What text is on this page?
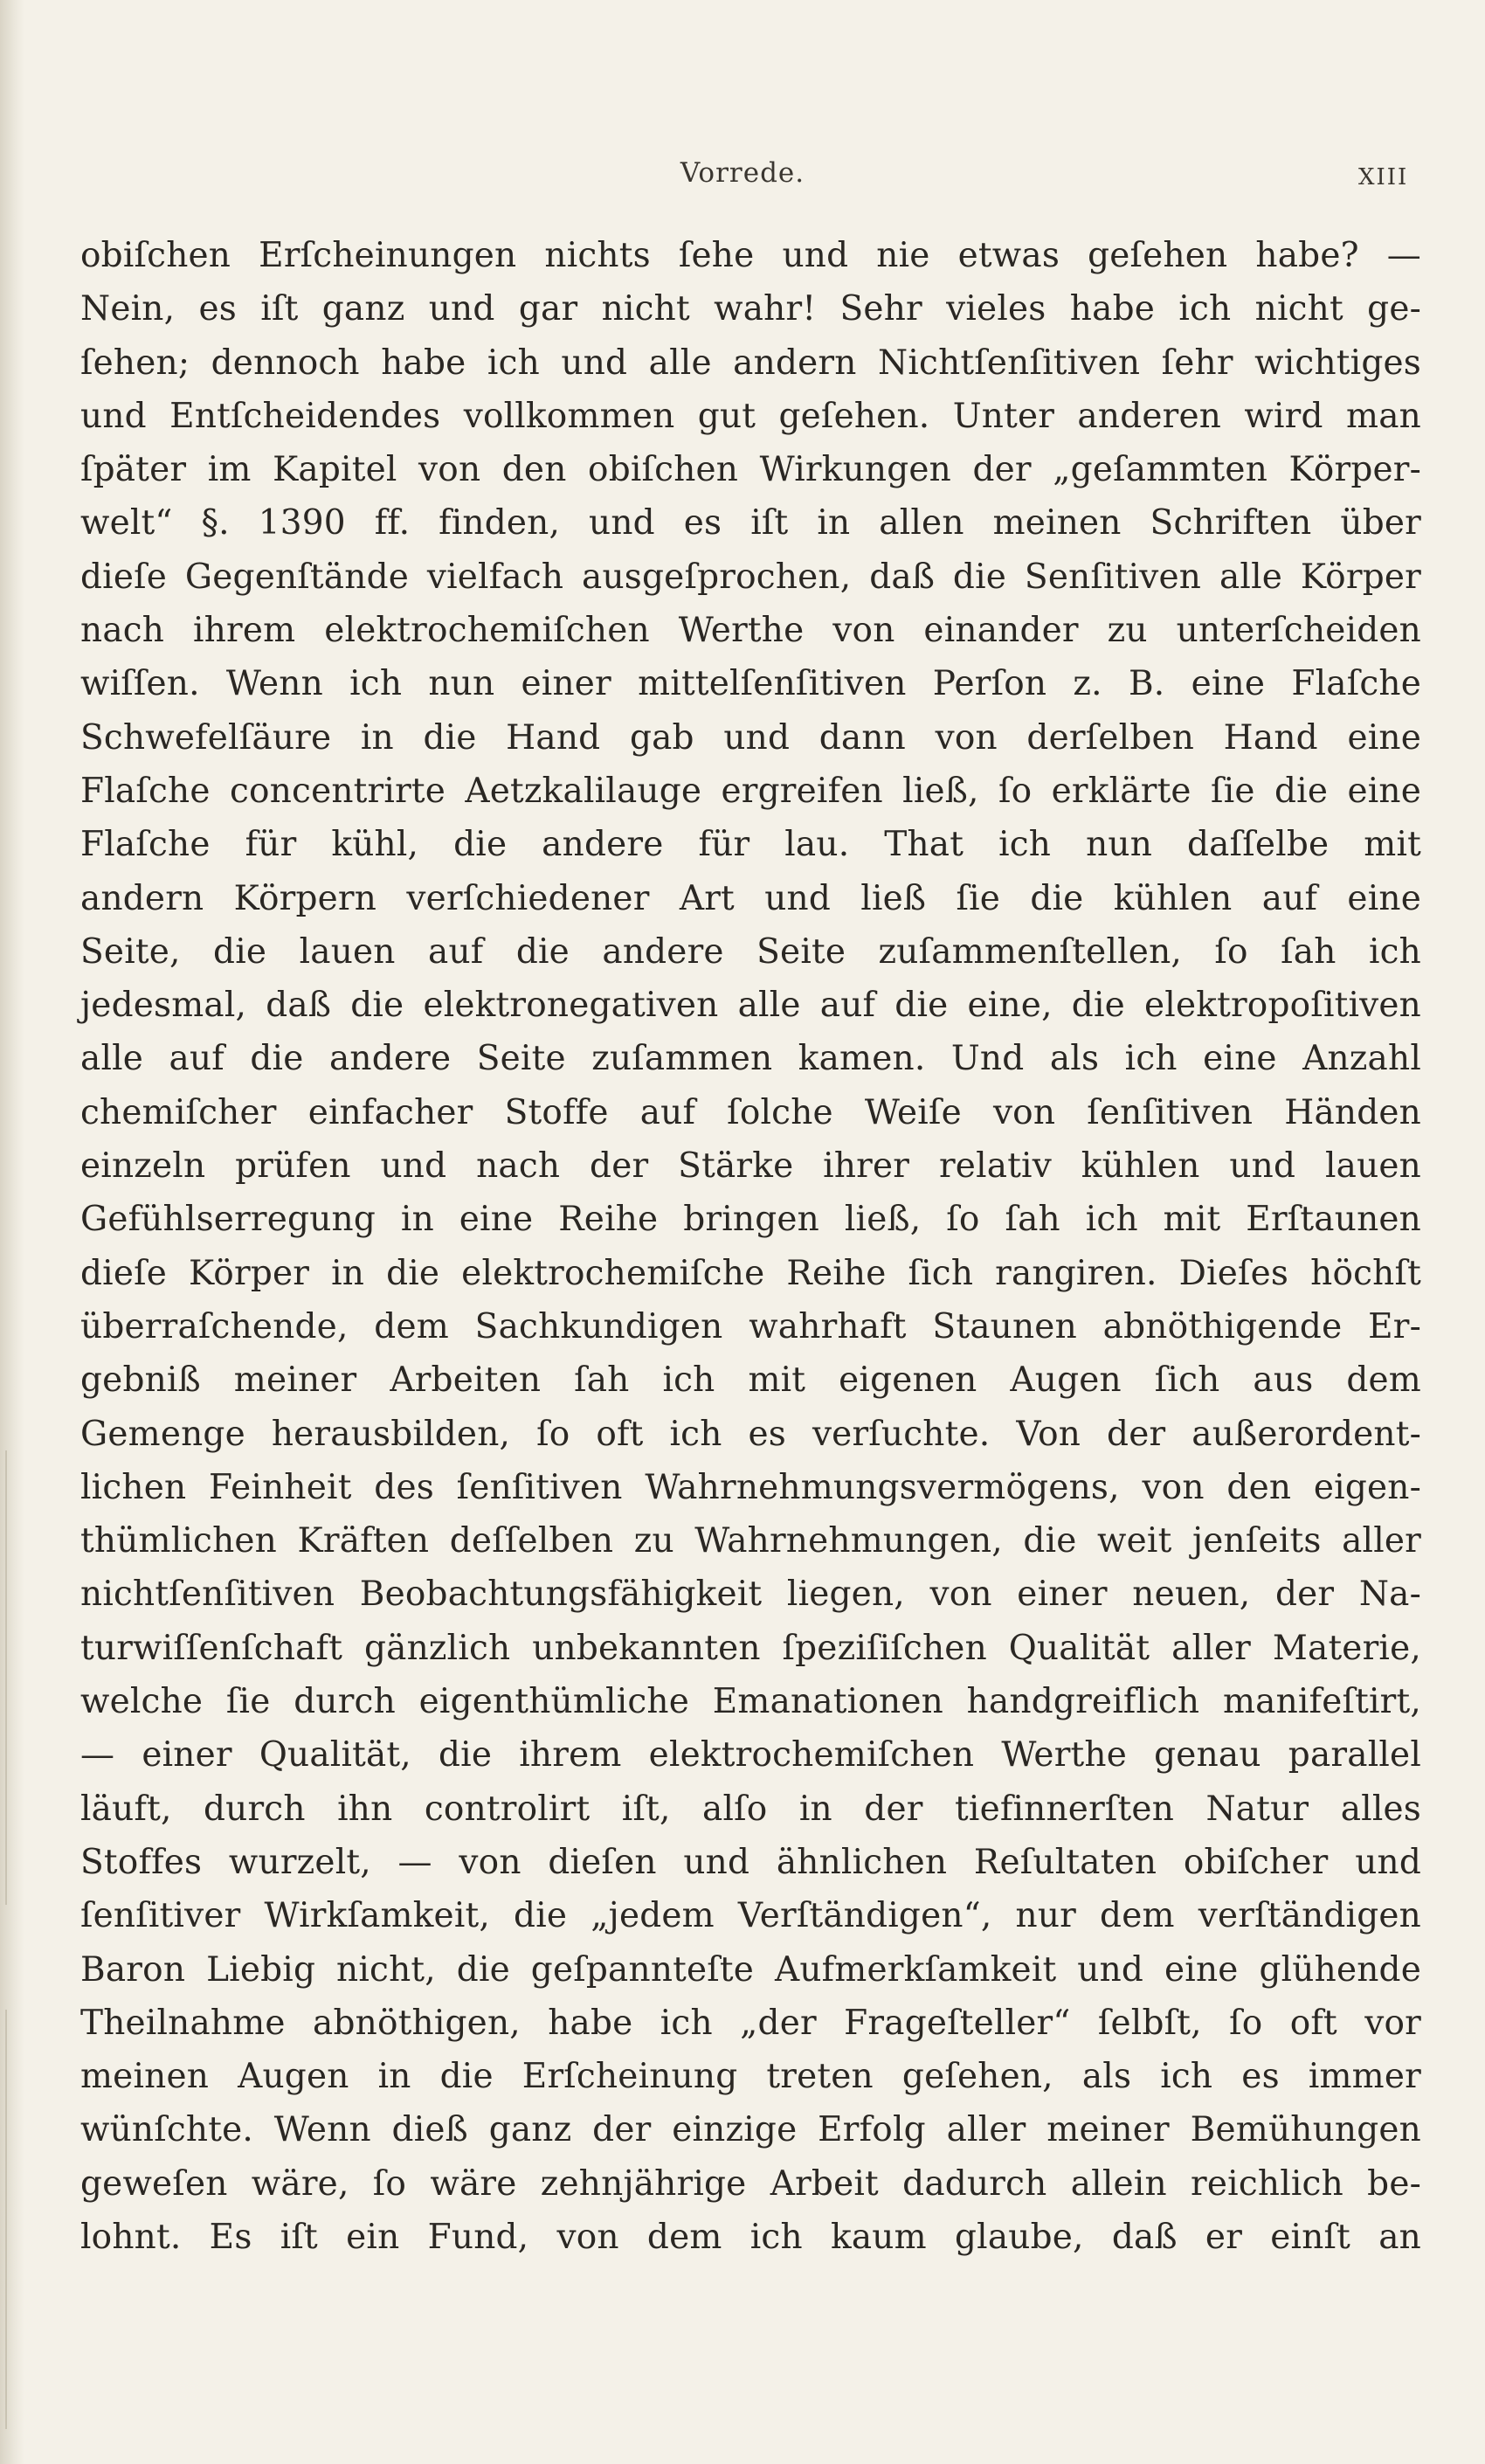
Vorrede.	XIII
obiſchen Erſcheinungen nichts ſehe und nie etwas geſehen habe? —
Nein, es iſt ganz und gar nicht wahr! Sehr vieles habe ich nicht ge-
ſehen; dennoch habe ich und alle andern Nichtſenſitiven ſehr wichtiges
und Entſcheidendes vollkommen gut geſehen. Unter anderen wird man
ſpäter im Kapitel von den obiſchen Wirkungen der „geſammten Körper-
welt“ §. 1390 ff. finden, und es iſt in allen meinen Schriften über
dieſe Gegenſtände vielfach ausgeſprochen, daß die Senſitiven alle Körper
nach ihrem elektrochemiſchen Werthe von einander zu unterſcheiden
wiſſen. Wenn ich nun einer mittelſenſitiven Perſon z. B. eine Flaſche
Schwefelſäure in die Hand gab und dann von derſelben Hand eine
Flaſche concentrirte Aetzkalilauge ergreifen ließ, ſo erklärte ſie die eine
Flaſche für kühl, die andere für lau. That ich nun daſſelbe mit
andern Körpern verſchiedener Art und ließ ſie die kühlen auf eine
Seite, die lauen auf die andere Seite zuſammenſtellen, ſo ſah ich
jedesmal, daß die elektronegativen alle auf die eine, die elektropoſitiven
alle auf die andere Seite zuſammen kamen. Und als ich eine Anzahl
chemiſcher einfacher Stoffe auf ſolche Weiſe von ſenſitiven Händen
einzeln prüfen und nach der Stärke ihrer relativ kühlen und lauen
Gefühlserregung in eine Reihe bringen ließ, ſo ſah ich mit Erſtaunen
dieſe Körper in die elektrochemiſche Reihe ſich rangiren. Dieſes höchſt
überraſchende, dem Sachkundigen wahrhaft Staunen abnöthigende Er-
gebniß meiner Arbeiten ſah ich mit eigenen Augen ſich aus dem
Gemenge herausbilden, ſo oft ich es verſuchte. Von der außerordent-
lichen Feinheit des ſenſitiven Wahrnehmungsvermögens, von den eigen-
thümlichen Kräften deſſelben zu Wahrnehmungen, die weit jenſeits aller
nichtſenſitiven Beobachtungsfähigkeit liegen, von einer neuen, der Na-
turwiſſenſchaft gänzlich unbekannten ſpeziſiſchen Qualität aller Materie,
welche ſie durch eigenthümliche Emanationen handgreiflich manifeſtirt,
— einer Qualität, die ihrem elektrochemiſchen Werthe genau parallel
läuft, durch ihn controlirt iſt, alſo in der tiefinnerſten Natur alles
Stoffes wurzelt, — von dieſen und ähnlichen Reſultaten obiſcher und
ſenſitiver Wirkſamkeit, die „jedem Verſtändigen“, nur dem verſtändigen
Baron Liebig nicht, die geſpannteſte Aufmerkſamkeit und eine glühende
Theilnahme abnöthigen, habe ich „der Frageſteller“ ſelbſt, ſo oft vor
meinen Augen in die Erſcheinung treten geſehen, als ich es immer
wünſchte. Wenn dieß ganz der einzige Erfolg aller meiner Bemühungen
geweſen wäre, ſo wäre zehnjährige Arbeit dadurch allein reichlich be-
lohnt. Es iſt ein Fund, von dem ich kaum glaube, daß er einſt an
